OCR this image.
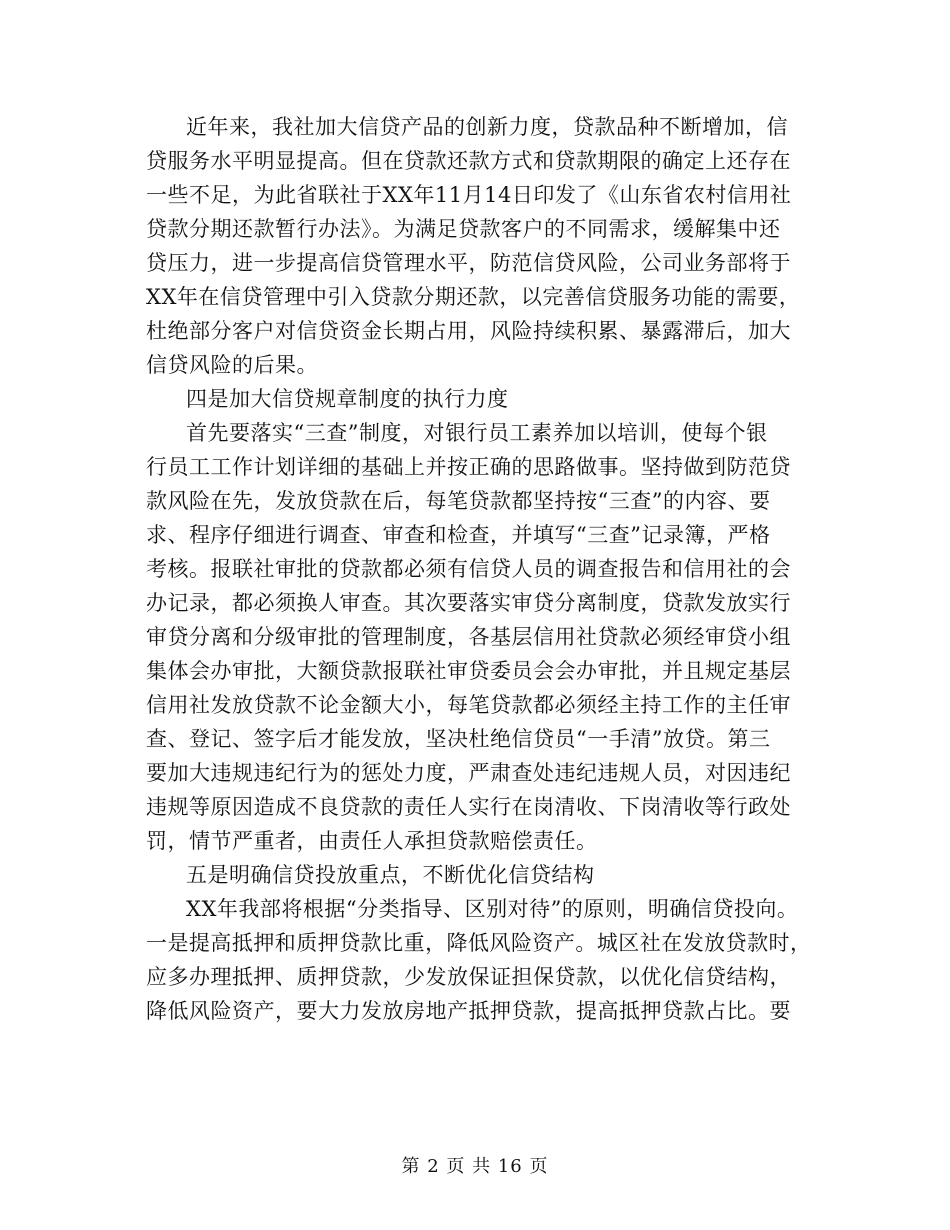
近年来，我社加大信贷产品的创新力度，贷款品种不断增加，信
贷服务水平明显提高。但在贷款还款方式和贷款期限的确定上还存在
一些不足，为此省联社于XX年11月14日印发了《山东省农村信用社
贷款分期还款暂行办法》。为满足贷款客户的不同需求，缓解集中还
贷压力，进一步提高信贷管理水平，防范信贷风险，公司业务部将于
XX年在信贷管理中引入贷款分期还款，以完善信贷服务功能的需要，
杜绝部分客户对信贷资金长期占用，风险持续积累、暴露滞后，加大
信贷风险的后果。
四是加大信贷规章制度的执行力度
首先要落实“三查”制度，对银行员工素养加以培训，使每个银
行员工工作计划详细的基础上并按正确的思路做事。坚持做到防范贷
款风险在先，发放贷款在后，每笔贷款都坚持按“三查”的内容、要
求、程序仔细进行调查、审查和检查，并填写“三查”记录簿，严格
考核。报联社审批的贷款都必须有信贷人员的调查报告和信用社的会
办记录，都必须换人审查。其次要落实审贷分离制度，贷款发放实行
审贷分离和分级审批的管理制度，各基层信用社贷款必须经审贷小组
集体会办审批，大额贷款报联社审贷委员会会办审批，并且规定基层
信用社发放贷款不论金额大小，每笔贷款都必须经主持工作的主任审
查、登记、签字后才能发放，坚决杜绝信贷员“一手清”放贷。第三
要加大违规违纪行为的惩处力度，严肃查处违纪违规人员，对因违纪
违规等原因造成不良贷款的责任人实行在岗清收、下岗清收等行政处
罚，情节严重者，由责任人承担贷款赔偿责任。
五是明确信贷投放重点，不断优化信贷结构
XX年我部将根据“分类指导、区别对待”的原则，明确信贷投向。
一是提高抵押和质押贷款比重，降低风险资产。城区社在发放贷款时，
应多办理抵押、质押贷款，少发放保证担保贷款，以优化信贷结构，
降低风险资产，要大力发放房地产抵押贷款，提高抵押贷款占比。要
第 2 页 共 16 页
